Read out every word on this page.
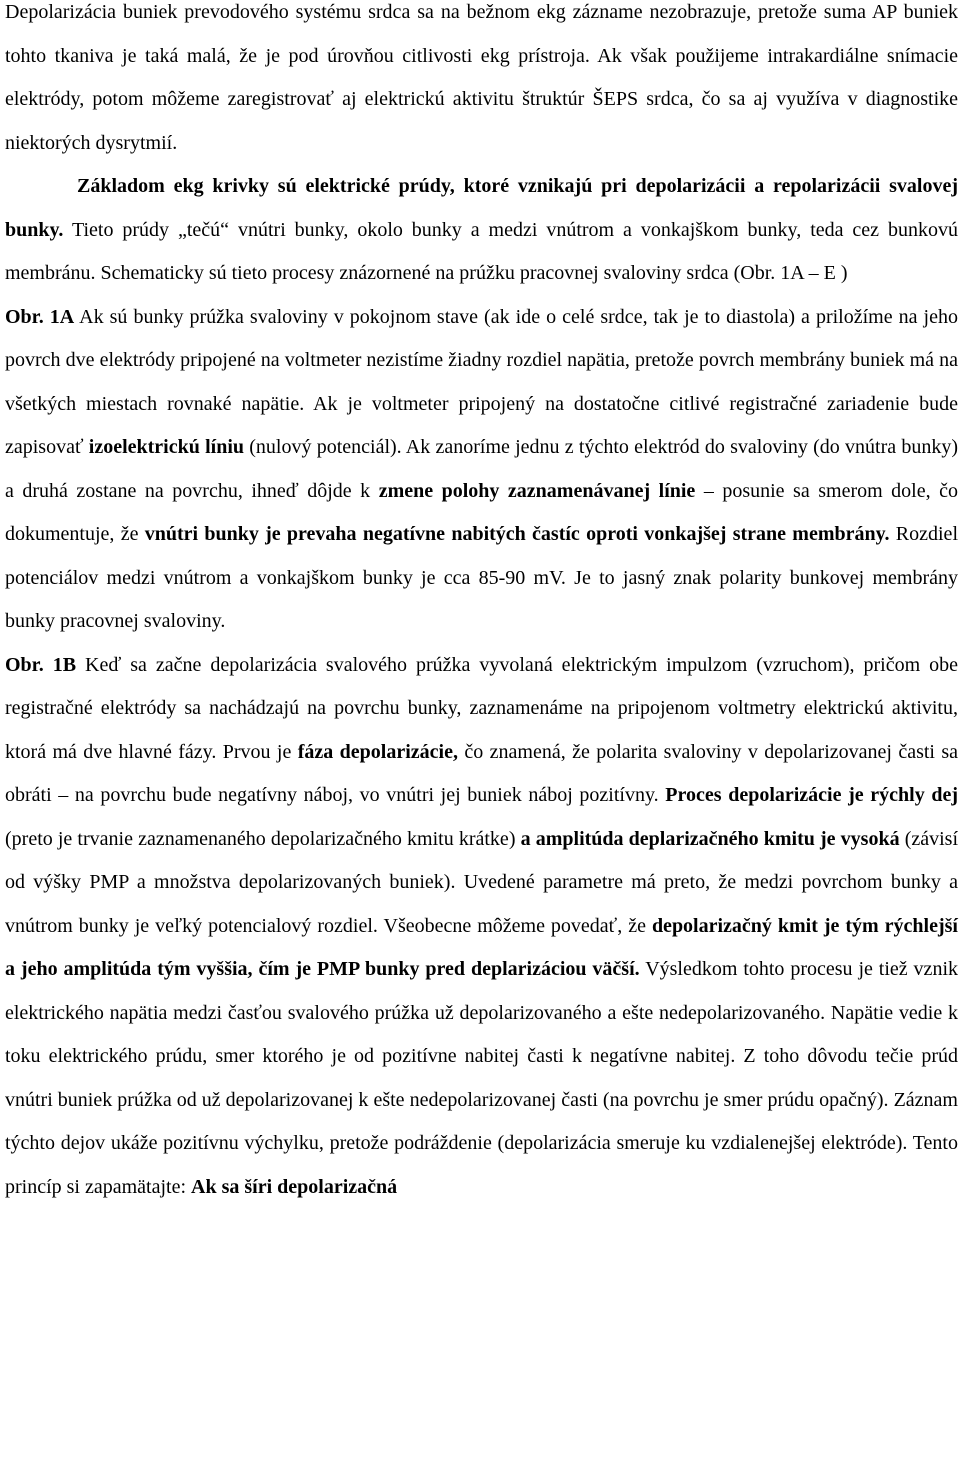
Depolarizácia buniek prevodového systému srdca sa na bežnom ekg zázname nezobrazuje, pretože suma AP buniek tohto tkaniva je taká malá, že je pod úrovňou citlivosti ekg prístroja. Ak však použijeme intrakardiálne snímacie elektródy, potom môžeme zaregistrovať aj elektrickú aktivitu štruktúr ŠEPS srdca, čo sa aj využíva v diagnostike niektorých dysrytmií.

Základom ekg krivky sú elektrické prúdy, ktoré vznikajú pri depolarizácii a repolarizácii svalovej bunky. Tieto prúdy „tečú“ vnútri bunky, okolo bunky a medzi vnútrom a vonkajškom bunky, teda cez bunkovú membránu. Schematicky sú tieto procesy znázornené na prúžku pracovnej svaloviny srdca (Obr. 1A – E )

Obr. 1A Ak sú bunky prúžka svaloviny v pokojnom stave (ak ide o celé srdce, tak je to diastola) a priložíme na jeho povrch dve elektródy pripojené na voltmeter nezistíme žiadny rozdiel napätia, pretože povrch membrány buniek má na všetkých miestach rovnaké napätie. Ak je voltmeter pripojený na dostatočne citlivé registračné zariadenie bude zapisovať izoelektrickú líniu (nulový potenciál). Ak zanoríme jednu z týchto elektród do svaloviny (do vnútra bunky) a druhá zostane na povrchu, ihneď dôjde k zmene polohy zaznamenávanej línie – posunie sa smerom dole, čo dokumentuje, že vnútri bunky je prevaha negatívne nabitých častíc oproti vonkajšej strane membrány. Rozdiel potenciálov medzi vnútrom a vonkajškom bunky je cca 85-90 mV. Je to jasný znak polarity bunkovej membrány bunky pracovnej svaloviny.

Obr. 1B Keď sa začne depolarizácia svalového prúžka vyvolaná elektrickým impulzom (vzruchom), pričom obe registračné elektródy sa nachádzajú na povrchu bunky, zaznamenáme na pripojenom voltmetry elektrickú aktivitu, ktorá má dve hlavné fázy. Prvou je fáza depolarizácie, čo znamená, že polarita svaloviny v depolarizovanej časti sa obráti – na povrchu bude negatívny náboj, vo vnútri jej buniek náboj pozitívny. Proces depolarizácie je rýchly dej (preto je trvanie zaznamenaného depolarizačného kmitu krátke) a amplitúda deplarizačného kmitu je vysoká (závisí od výšky PMP a množstva depolarizovaných buniek). Uvedené parametre má preto, že medzi povrchom bunky a vnútrom bunky je veľký potencialový rozdiel. Všeobecne môžeme povedať, že depolarizačný kmit je tým rýchlejší a jeho amplitúda tým vyššia, čím je PMP bunky pred deplarizáciou väčší. Výsledkom tohto procesu je tiež vznik elektrického napätia medzi časťou svalového prúžka už depolarizovaného a ešte nedepolarizovaného. Napätie vedie k toku elektrického prúdu, smer ktorého je od pozitívne nabitej časti k negatívne nabitej. Z toho dôvodu tečie prúd vnútri buniek prúžka od už depolarizovanej k ešte nedepolarizovanej časti (na povrchu je smer prúdu opačný). Záznam týchto dejov ukáže pozitívnu výchylku, pretože podráždenie (depolarizácia smeruje ku vzdialenejšej elektróde). Tento princíp si zapamätajte: Ak sa šíri depolarizačná
